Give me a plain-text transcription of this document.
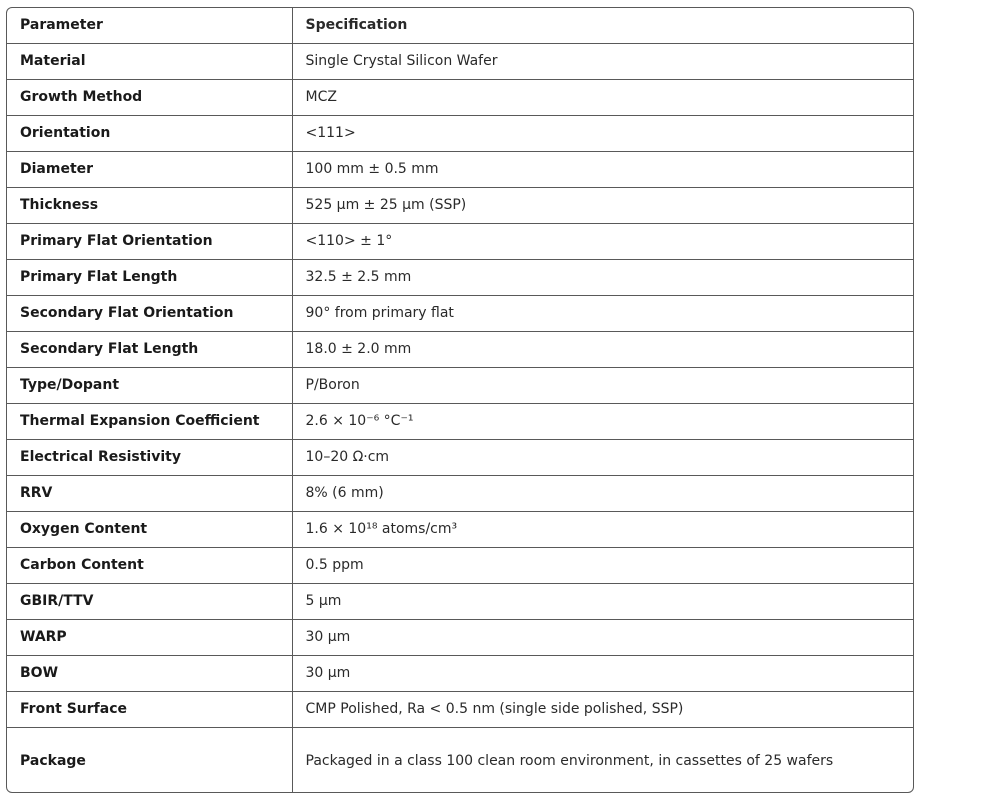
Parameter	Specification
Material	Single Crystal Silicon Wafer
Growth Method	MCZ
Orientation	<111>
Diameter	100 mm ± 0.5 mm
Thickness	525 µm ± 25 µm (SSP)
Primary Flat Orientation	<110> ± 1°
Primary Flat Length	32.5 ± 2.5 mm
Secondary Flat Orientation	90° from primary flat
Secondary Flat Length	18.0 ± 2.0 mm
Type/Dopant	P/Boron
Thermal Expansion Coefficient	2.6 × 10⁻⁶ °C⁻¹
Electrical Resistivity	10–20 Ω·cm
RRV	8% (6 mm)
Oxygen Content	1.6 × 10¹⁸ atoms/cm³
Carbon Content	0.5 ppm
GBIR/TTV	5 µm
WARP	30 µm
BOW	30 µm
Front Surface	CMP Polished, Ra < 0.5 nm (single side polished, SSP)
Package	Packaged in a class 100 clean room environment, in cassettes of 25 wafers
